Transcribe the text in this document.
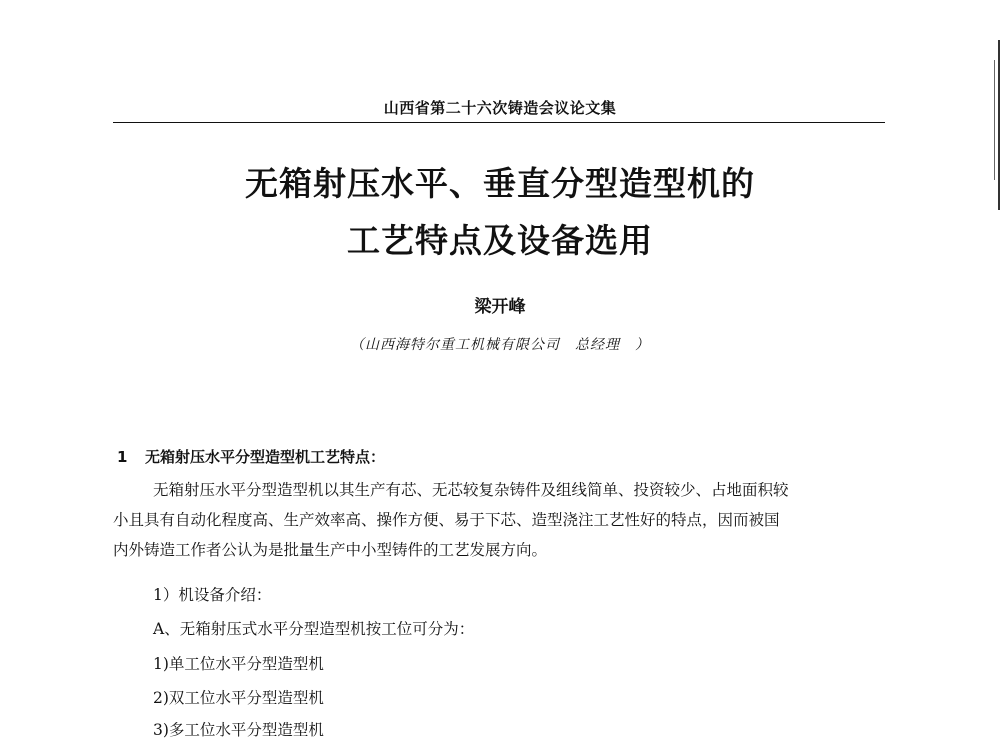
山西省第二十六次铸造会议论文集
无箱射压水平、垂直分型造型机的
工艺特点及设备选用
梁开峰
（山西海特尔重工机械有限公司　总经理　）
1 无箱射压水平分型造型机工艺特点：
无箱射压水平分型造型机以其生产有芯、无芯较复杂铸件及组线简单、投资较少、占地面积较
小且具有自动化程度高、生产效率高、操作方便、易于下芯、造型浇注工艺性好的特点，因而被国
内外铸造工作者公认为是批量生产中小型铸件的工艺发展方向。
1）机设备介绍：
A、无箱射压式水平分型造型机按工位可分为：
1)单工位水平分型造型机
2)双工位水平分型造型机
3)多工位水平分型造型机
